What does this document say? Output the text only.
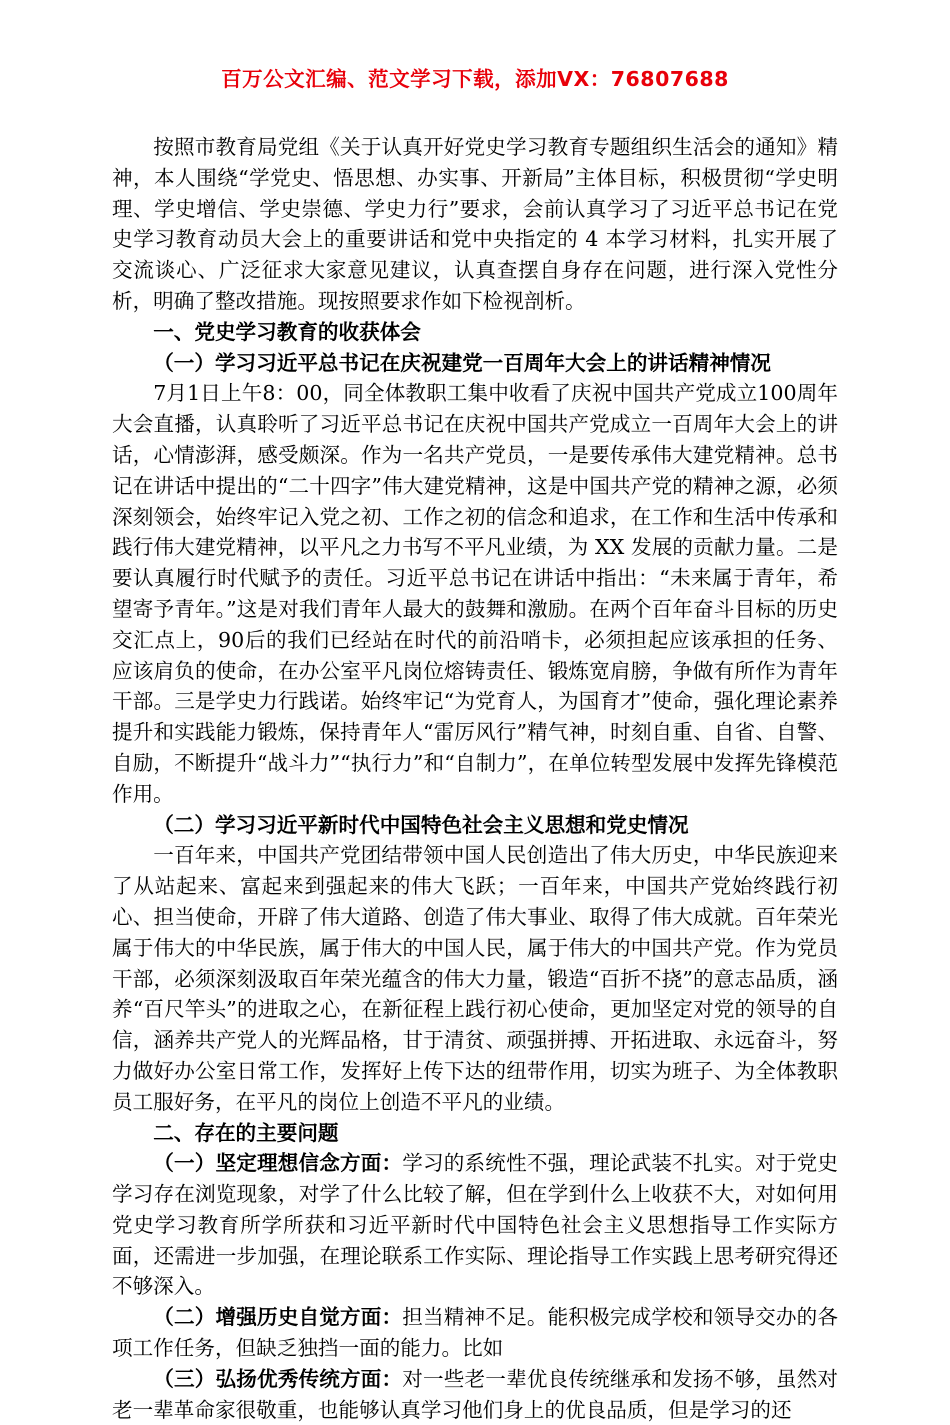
百万公文汇编、范文学习下载，添加VX：76807688

按照市教育局党组《关于认真开好党史学习教育专题组织生活会的通知》精神，本人围绕“学党史、悟思想、办实事、开新局”主体目标，积极贯彻“学史明理、学史增信、学史崇德、学史力行”要求，会前认真学习了习近平总书记在党史学习教育动员大会上的重要讲话和党中央指定的 4 本学习材料，扎实开展了交流谈心、广泛征求大家意见建议，认真查摆自身存在问题，进行深入党性分析，明确了整改措施。现按照要求作如下检视剖析。

一、党史学习教育的收获体会

（一）学习习近平总书记在庆祝建党一百周年大会上的讲话精神情况

7月1日上午8：00，同全体教职工集中收看了庆祝中国共产党成立100周年大会直播，认真聆听了习近平总书记在庆祝中国共产党成立一百周年大会上的讲话，心情澎湃，感受颇深。作为一名共产党员，一是要传承伟大建党精神。总书记在讲话中提出的“二十四字”伟大建党精神，这是中国共产党的精神之源，必须深刻领会，始终牢记入党之初、工作之初的信念和追求，在工作和生活中传承和践行伟大建党精神，以平凡之力书写不平凡业绩，为 XX 发展的贡献力量。二是要认真履行时代赋予的责任。习近平总书记在讲话中指出：“未来属于青年，希望寄予青年。”这是对我们青年人最大的鼓舞和激励。在两个百年奋斗目标的历史交汇点上，90后的我们已经站在时代的前沿哨卡，必须担起应该承担的任务、应该肩负的使命，在办公室平凡岗位熔铸责任、锻炼宽肩膀，争做有所作为青年干部。三是学史力行践诺。始终牢记“为党育人，为国育才”使命，强化理论素养提升和实践能力锻炼，保持青年人“雷厉风行”精气神，时刻自重、自省、自警、自励，不断提升“战斗力”“执行力”和“自制力”，在单位转型发展中发挥先锋模范作用。

（二）学习习近平新时代中国特色社会主义思想和党史情况

一百年来，中国共产党团结带领中国人民创造出了伟大历史，中华民族迎来了从站起来、富起来到强起来的伟大飞跃；一百年来，中国共产党始终践行初心、担当使命，开辟了伟大道路、创造了伟大事业、取得了伟大成就。百年荣光属于伟大的中华民族，属于伟大的中国人民，属于伟大的中国共产党。作为党员干部，必须深刻汲取百年荣光蕴含的伟大力量，锻造“百折不挠”的意志品质，涵养“百尺竿头”的进取之心，在新征程上践行初心使命，更加坚定对党的领导的自信，涵养共产党人的光辉品格，甘于清贫、顽强拼搏、开拓进取、永远奋斗，努力做好办公室日常工作，发挥好上传下达的纽带作用，切实为班子、为全体教职员工服好务，在平凡的岗位上创造不平凡的业绩。

二、存在的主要问题

（一）坚定理想信念方面：学习的系统性不强，理论武装不扎实。对于党史学习存在浏览现象，对学了什么比较了解，但在学到什么上收获不大，对如何用党史学习教育所学所获和习近平新时代中国特色社会主义思想指导工作实际方面，还需进一步加强，在理论联系工作实际、理论指导工作实践上思考研究得还不够深入。

（二）增强历史自觉方面：担当精神不足。能积极完成学校和领导交办的各项工作任务，但缺乏独挡一面的能力。比如

（三）弘扬优秀传统方面：对一些老一辈优良传统继承和发扬不够，虽然对老一辈革命家很敬重，也能够认真学习他们身上的优良品质，但是学习的还
